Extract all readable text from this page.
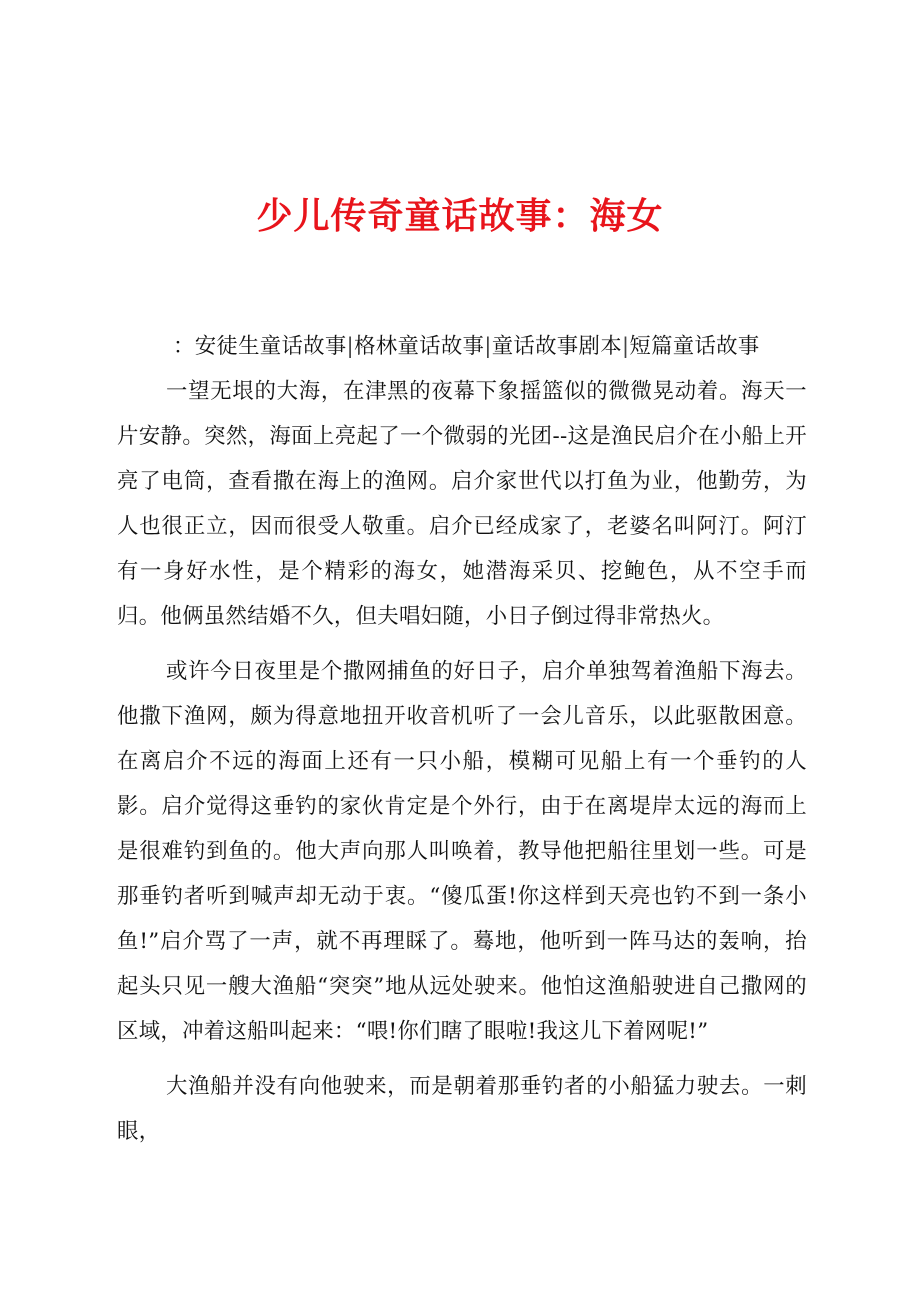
少儿传奇童话故事：海女
：安徒生童话故事|格林童话故事|童话故事剧本|短篇童话故事

一望无垠的大海，在津黑的夜幕下象摇篮似的微微晃动着。海天一片安静。突然，海面上亮起了一个微弱的光团--这是渔民启介在小船上开亮了电筒，查看撒在海上的渔网。启介家世代以打鱼为业，他勤劳，为人也很正立，因而很受人敬重。启介已经成家了，老婆名叫阿汀。阿汀有一身好水性，是个精彩的海女，她潜海采贝、挖鲍色，从不空手而归。他俩虽然结婚不久，但夫唱妇随，小日子倒过得非常热火。

或许今日夜里是个撒网捕鱼的好日子，启介单独驾着渔船下海去。他撒下渔网，颇为得意地扭开收音机听了一会儿音乐，以此驱散困意。在离启介不远的海面上还有一只小船，模糊可见船上有一个垂钓的人影。启介觉得这垂钓的家伙肯定是个外行，由于在离堤岸太远的海而上是很难钓到鱼的。他大声向那人叫唤着，教导他把船往里划一些。可是那垂钓者听到喊声却无动于衷。“傻瓜蛋!你这样到天亮也钓不到一条小鱼!”启介骂了一声，就不再理睬了。蓦地，他听到一阵马达的轰响，抬起头只见一艘大渔船“突突”地从远处驶来。他怕这渔船驶进自己撒网的区域，冲着这船叫起来：“喂!你们瞎了眼啦!我这儿下着网呢!”

大渔船并没有向他驶来，而是朝着那垂钓者的小船猛力驶去。一刺眼，
